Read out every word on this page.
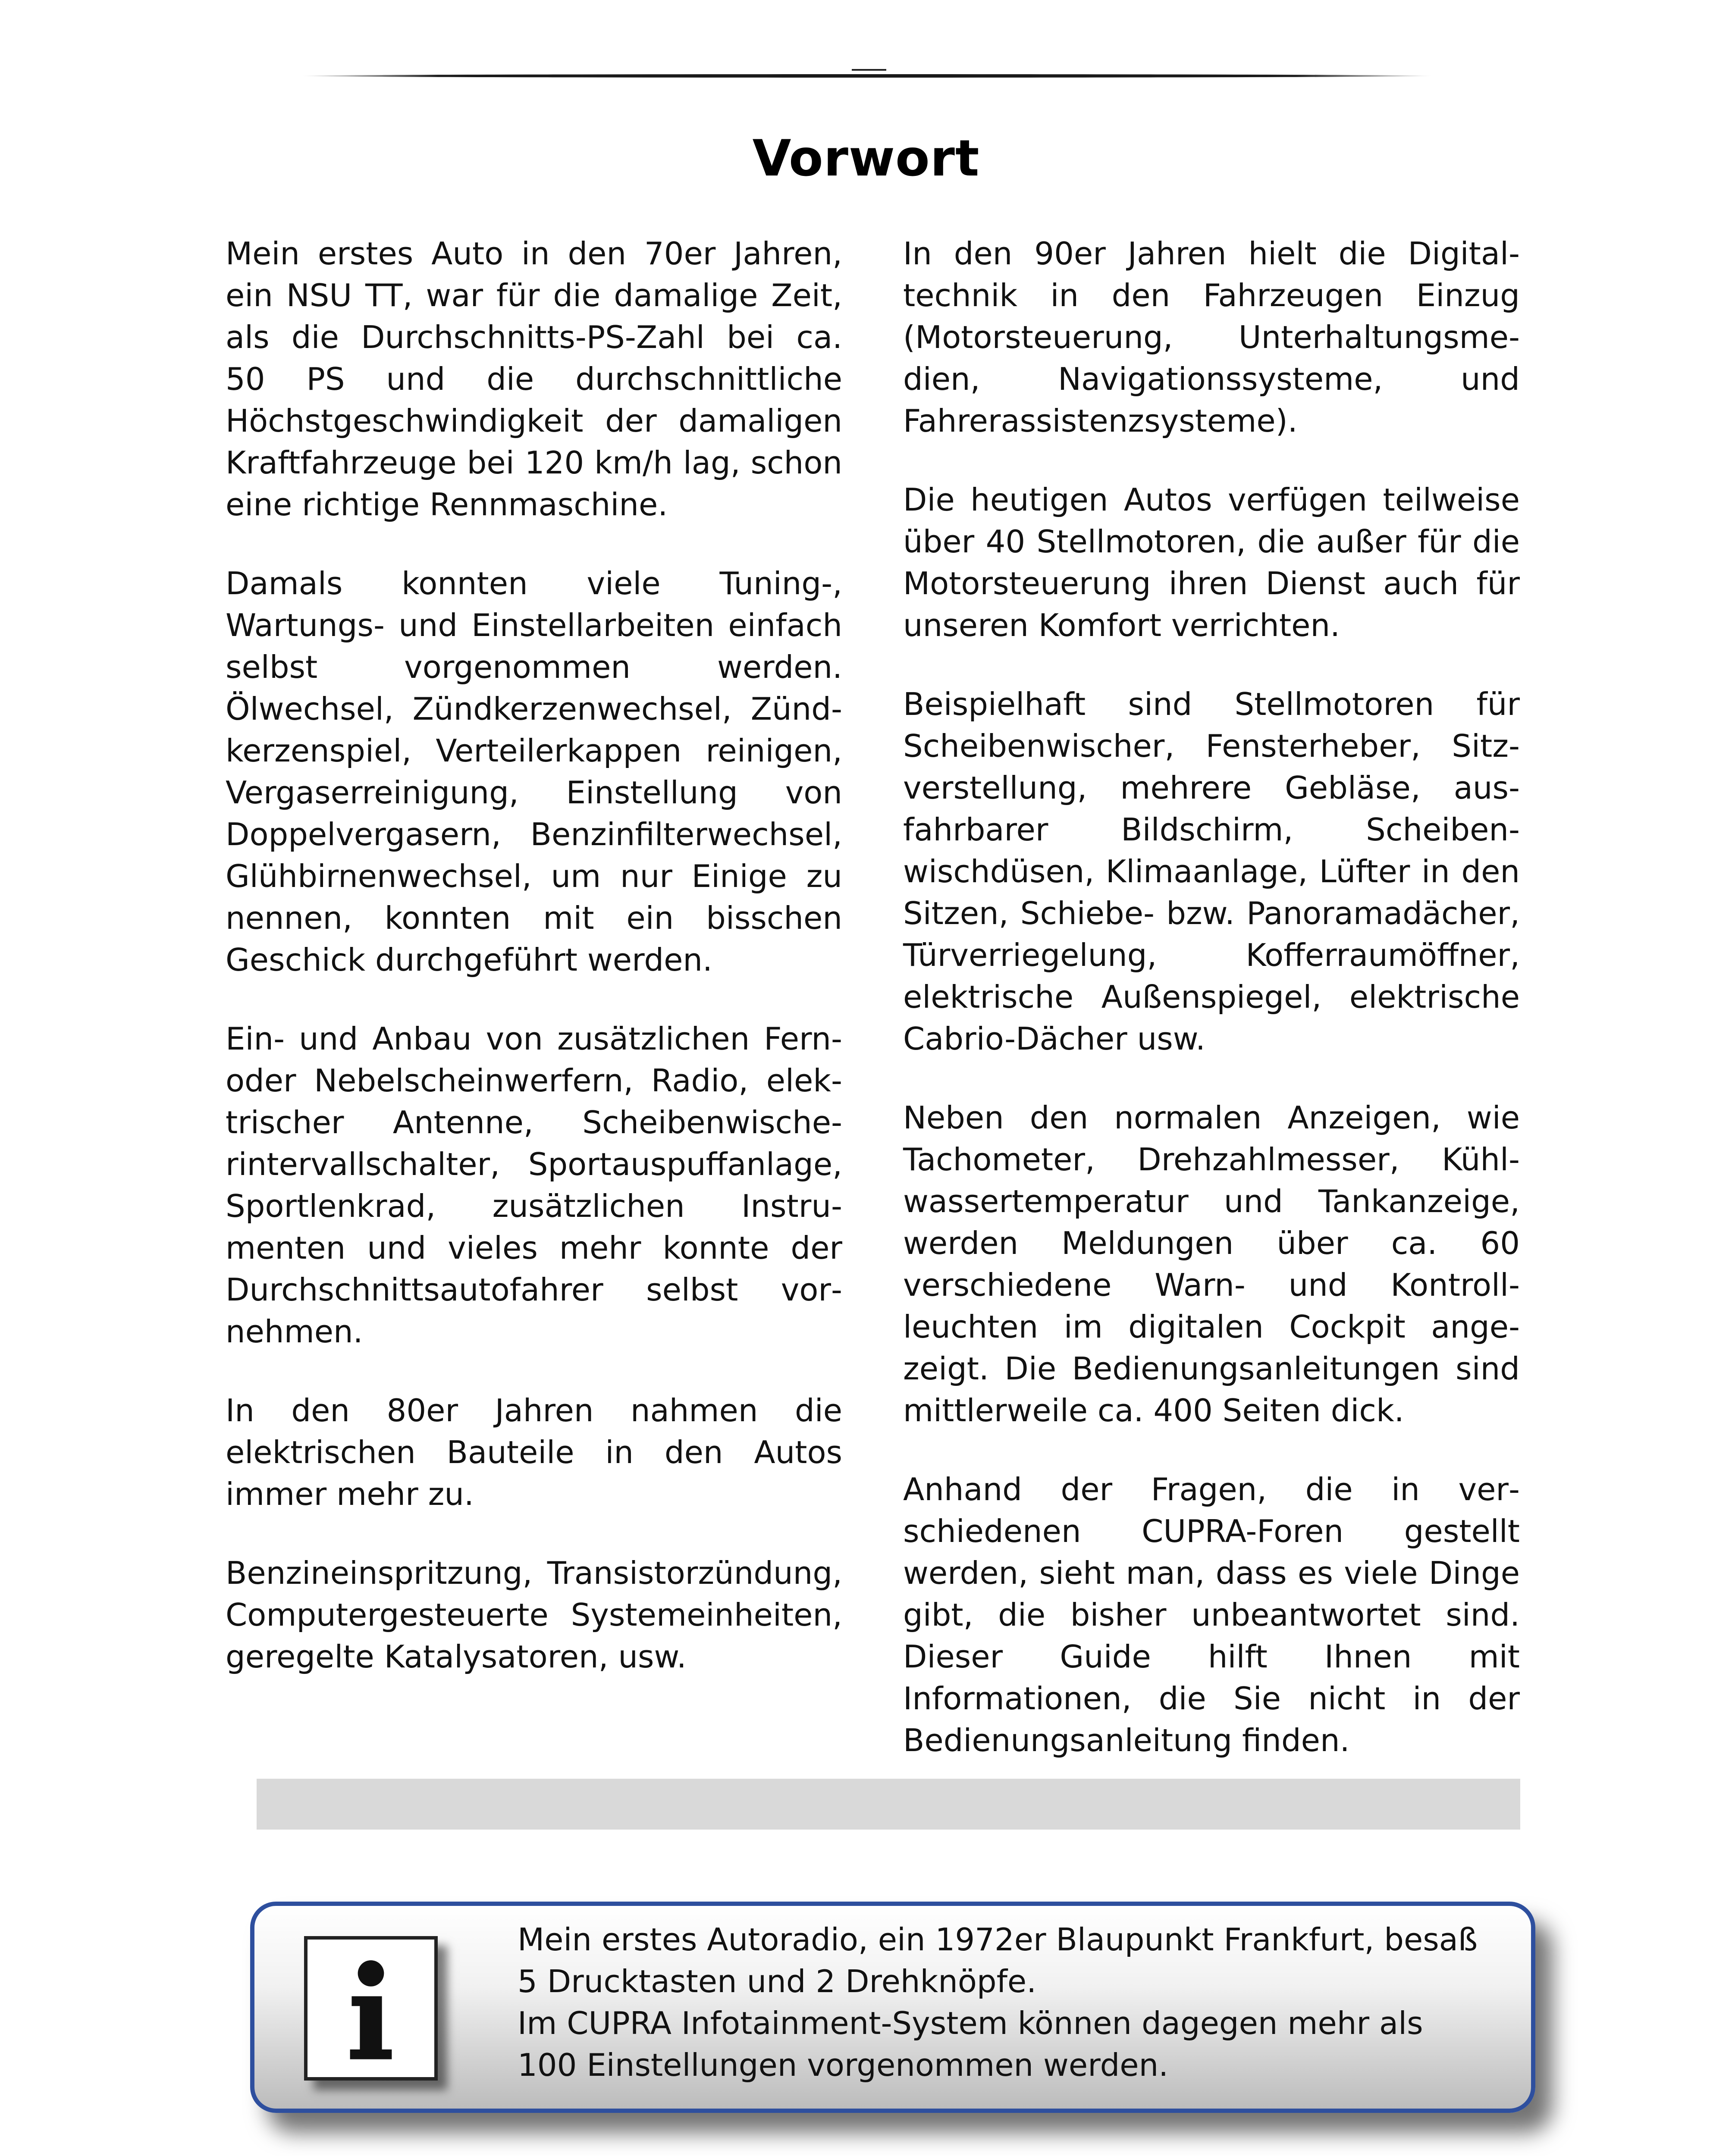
Vorwort

Mein erstes Auto in den 70er Jahren, ein NSU TT, war für die damalige Zeit, als die Durchschnitts-PS-Zahl bei ca. 50 PS und die durchschnittliche Höchstgeschwindigkeit der damaligen Kraftfahrzeuge bei 120 km/h lag, schon eine richtige Rennmaschine.

Damals konnten viele Tuning-, Wartungs- und Einstellarbeiten einfach selbst vorgenommen werden. Ölwechsel, Zündkerzenwechsel, Zündkerzenspiel, Verteilerkappen reinigen, Vergaserreinigung, Einstellung von Doppelvergasern, Benzinfilterwechsel, Glühbirnenwechsel, um nur Einige zu nennen, konnten mit ein bisschen Geschick durchgeführt werden.

Ein- und Anbau von zusätzlichen Fern- oder Nebelscheinwerfern, Radio, elektrischer Antenne, Scheibenwischerintervallschalter, Sportauspuffanlage, Sportlenkrad, zusätzlichen Instrumenten und vieles mehr konnte der Durchschnittsautofahrer selbst vornehmen.

In den 80er Jahren nahmen die elektrischen Bauteile in den Autos immer mehr zu.

Benzineinspritzung, Transistorzündung, Computergesteuerte Systemeinheiten, geregelte Katalysatoren, usw.

In den 90er Jahren hielt die Digitaltechnik in den Fahrzeugen Einzug (Motorsteuerung, Unterhaltungsmedien, Navigationssysteme, und Fahrerassistenzsysteme).

Die heutigen Autos verfügen teilweise über 40 Stellmotoren, die außer für die Motorsteuerung ihren Dienst auch für unseren Komfort verrichten.

Beispielhaft sind Stellmotoren für Scheibenwischer, Fensterheber, Sitzverstellung, mehrere Gebläse, ausfahrbarer Bildschirm, Scheibenwischdüsen, Klimaanlage, Lüfter in den Sitzen, Schiebe- bzw. Panoramadächer, Türverriegelung, Kofferraumöffner, elektrische Außenspiegel, elektrische Cabrio-Dächer usw.

Neben den normalen Anzeigen, wie Tachometer, Drehzahlmesser, Kühlwassertemperatur und Tankanzeige, werden Meldungen über ca. 60 verschiedene Warn- und Kontrollleuchten im digitalen Cockpit angezeigt. Die Bedienungsanleitungen sind mittlerweile ca. 400 Seiten dick.

Anhand der Fragen, die in verschiedenen CUPRA-Foren gestellt werden, sieht man, dass es viele Dinge gibt, die bisher unbeantwortet sind. Dieser Guide hilft Ihnen mit Informationen, die Sie nicht in der Bedienungsanleitung finden.

Mein erstes Autoradio, ein 1972er Blaupunkt Frankfurt, besaß
5 Drucktasten und 2 Drehknöpfe.
Im CUPRA Infotainment-System können dagegen mehr als
100 Einstellungen vorgenommen werden.
